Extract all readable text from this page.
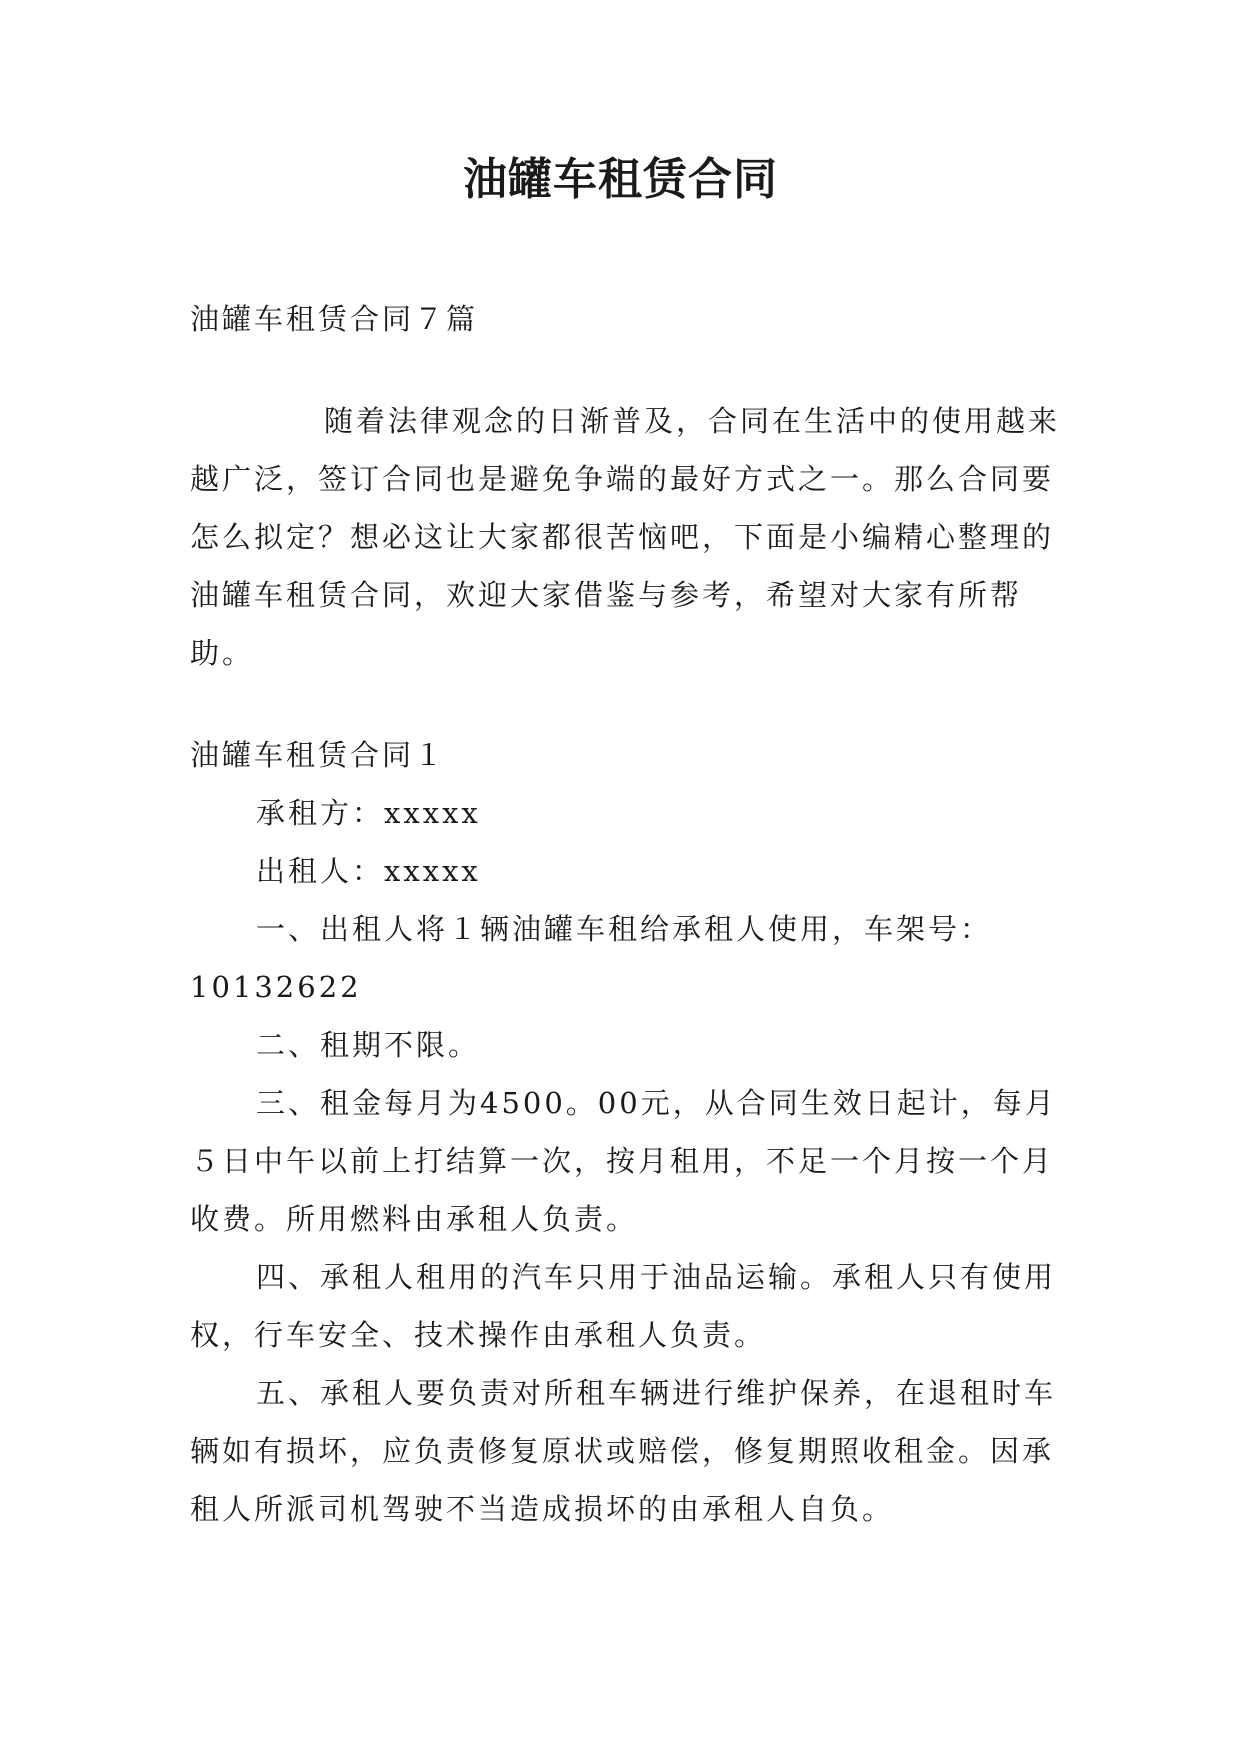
油罐车租赁合同

油罐车租赁合同７篇

随着法律观念的日渐普及，合同在生活中的使用越来越广泛，签订合同也是避免争端的最好方式之一。那么合同要怎么拟定？想必这让大家都很苦恼吧，下面是小编精心整理的油罐车租赁合同，欢迎大家借鉴与参考，希望对大家有所帮助。

油罐车租赁合同１

承租方：xxxxx

出租人：xxxxx

一、出租人将１辆油罐车租给承租人使用，车架号：10132622

二、租期不限。

三、租金每月为4500。00元，从合同生效日起计，每月５日中午以前上打结算一次，按月租用，不足一个月按一个月收费。所用燃料由承租人负责。

四、承租人租用的汽车只用于油品运输。承租人只有使用权，行车安全、技术操作由承租人负责。

五、承租人要负责对所租车辆进行维护保养，在退租时车辆如有损坏，应负责修复原状或赔偿，修复期照收租金。因承租人所派司机驾驶不当造成损坏的由承租人自负。
